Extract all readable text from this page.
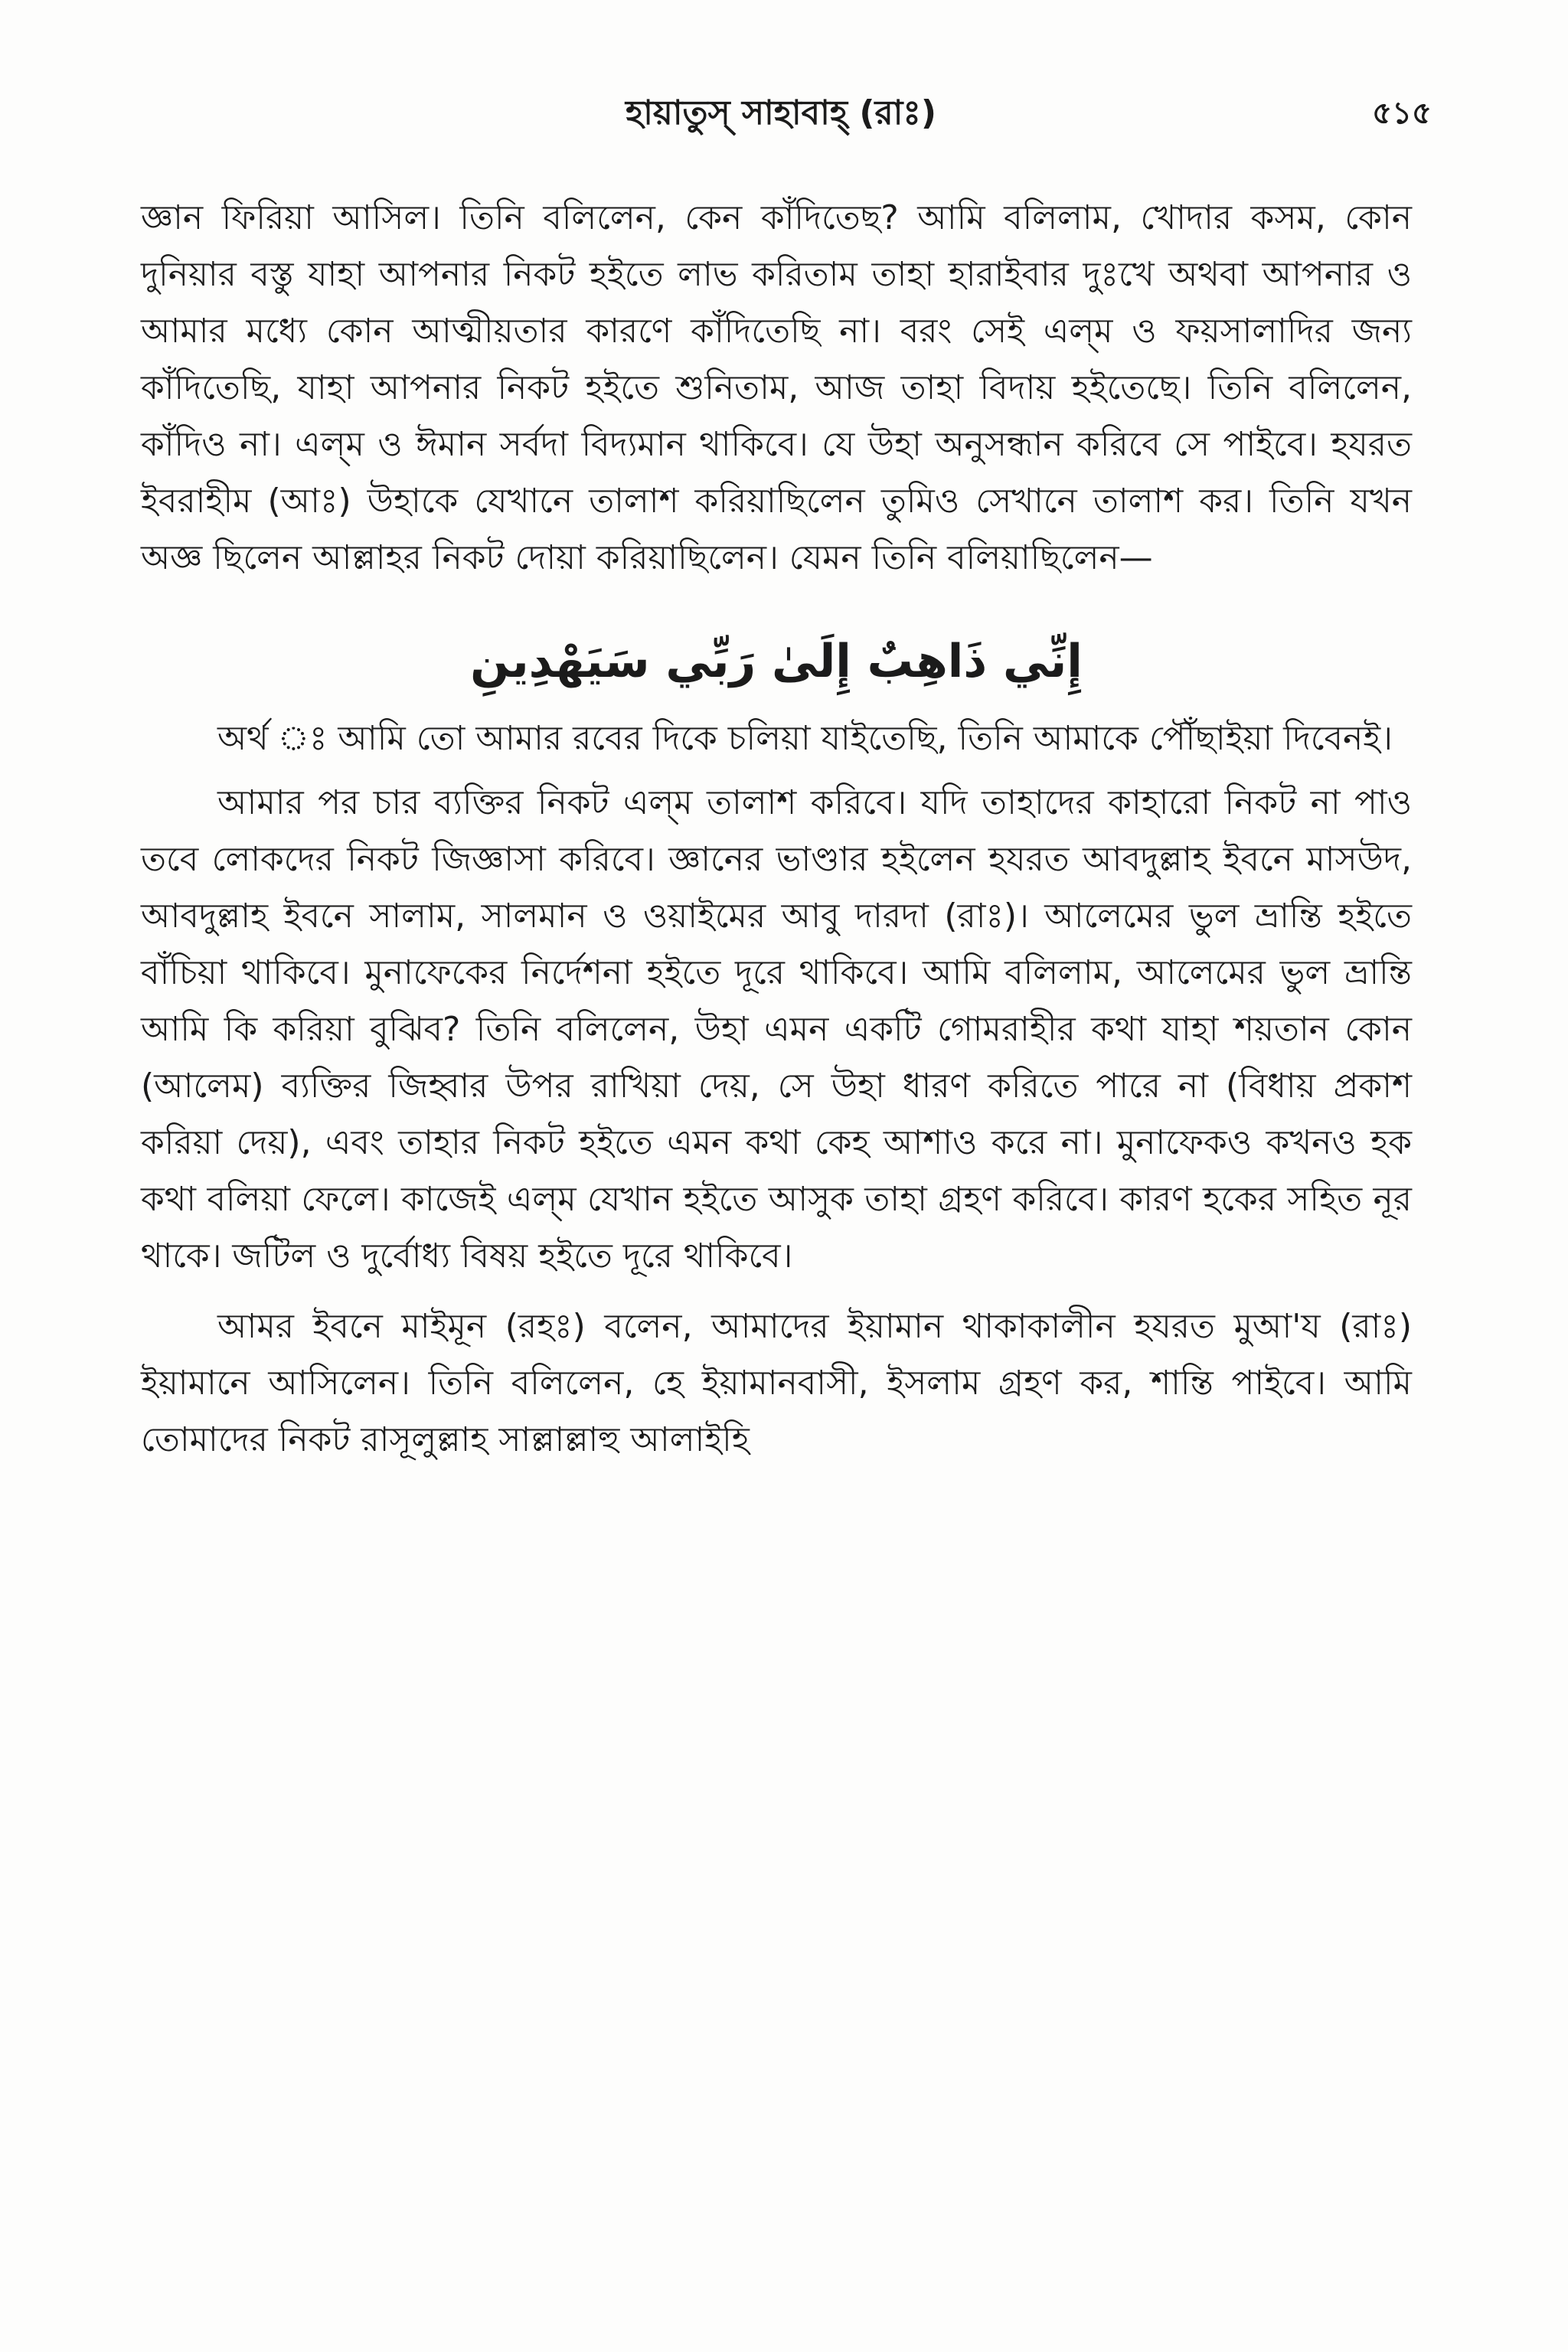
হায়াতুস্ সাহাবাহ্ (রাঃ)	৫১৫

জ্ঞান ফিরিয়া আসিল। তিনি বলিলেন, কেন কাঁদিতেছ? আমি বলিলাম, খোদার কসম, কোন দুনিয়ার বস্তু যাহা আপনার নিকট হইতে লাভ করিতাম তাহা হারাইবার দুঃখে অথবা আপনার ও আমার মধ্যে কোন আত্মীয়তার কারণে কাঁদিতেছি না। বরং সেই এল্‌ম ও ফয়সালাদির জন্য কাঁদিতেছি, যাহা আপনার নিকট হইতে শুনিতাম, আজ তাহা বিদায় হইতেছে। তিনি বলিলেন, কাঁদিও না। এল্‌ম ও ঈমান সর্বদা বিদ্যমান থাকিবে। যে উহা অনুসন্ধান করিবে সে পাইবে। হযরত ইবরাহীম (আঃ) উহাকে যেখানে তালাশ করিয়াছিলেন তুমিও সেখানে তালাশ কর। তিনি যখন অজ্ঞ ছিলেন আল্লাহর নিকট দোয়া করিয়াছিলেন। যেমন তিনি বলিয়াছিলেন—

إِنِّي ذَاهِبٌ إِلَىٰ رَبِّي سَيَهْدِينِ

অর্থ ঃ আমি তো আমার রবের দিকে চলিয়া যাইতেছি, তিনি আমাকে পৌঁছাইয়া দিবেনই।

আমার পর চার ব্যক্তির নিকট এল্‌ম তালাশ করিবে। যদি তাহাদের কাহারো নিকট না পাও তবে লোকদের নিকট জিজ্ঞাসা করিবে। জ্ঞানের ভাণ্ডার হইলেন হযরত আবদুল্লাহ ইবনে মাসউদ, আবদুল্লাহ ইবনে সালাম, সালমান ও ওয়াইমের আবু দারদা (রাঃ)। আলেমের ভুল ভ্রান্তি হইতে বাঁচিয়া থাকিবে। মুনাফেকের নির্দেশনা হইতে দূরে থাকিবে। আমি বলিলাম, আলেমের ভুল ভ্রান্তি আমি কি করিয়া বুঝিব? তিনি বলিলেন, উহা এমন একটি গোমরাহীর কথা যাহা শয়তান কোন (আলেম) ব্যক্তির জিহ্বার উপর রাখিয়া দেয়, সে উহা ধারণ করিতে পারে না (বিধায় প্রকাশ করিয়া দেয়), এবং তাহার নিকট হইতে এমন কথা কেহ আশাও করে না। মুনাফেকও কখনও হক কথা বলিয়া ফেলে। কাজেই এল্‌ম যেখান হইতে আসুক তাহা গ্রহণ করিবে। কারণ হকের সহিত নূর থাকে। জটিল ও দুর্বোধ্য বিষয় হইতে দূরে থাকিবে।

আমর ইবনে মাইমূন (রহঃ) বলেন, আমাদের ইয়ামান থাকাকালীন হযরত মুআ'য (রাঃ) ইয়ামানে আসিলেন। তিনি বলিলেন, হে ইয়ামানবাসী, ইসলাম গ্রহণ কর, শান্তি পাইবে। আমি তোমাদের নিকট রাসূলুল্লাহ সাল্লাল্লাহু আলাইহি
